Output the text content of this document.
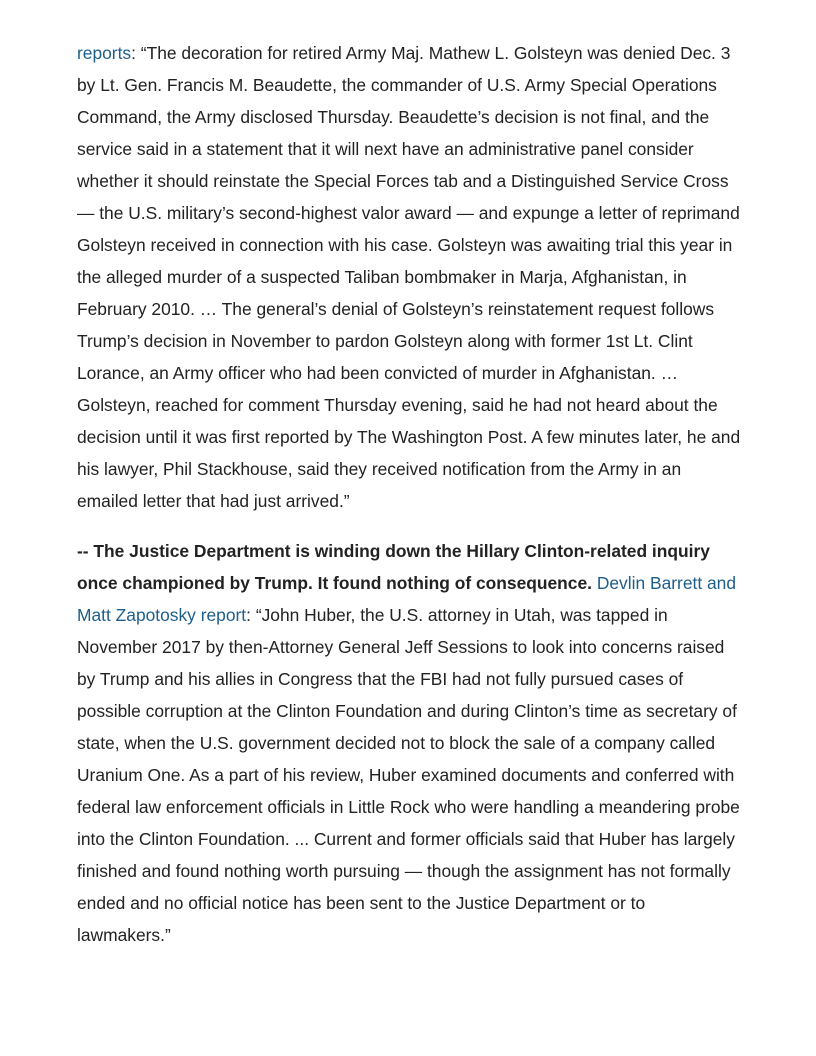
reports: “The decoration for retired Army Maj. Mathew L. Golsteyn was denied Dec. 3 by Lt. Gen. Francis M. Beaudette, the commander of U.S. Army Special Operations Command, the Army disclosed Thursday. Beaudette’s decision is not final, and the service said in a statement that it will next have an administrative panel consider whether it should reinstate the Special Forces tab and a Distinguished Service Cross — the U.S. military’s second-highest valor award — and expunge a letter of reprimand Golsteyn received in connection with his case. Golsteyn was awaiting trial this year in the alleged murder of a suspected Taliban bombmaker in Marja, Afghanistan, in February 2010. … The general’s denial of Golsteyn’s reinstatement request follows Trump’s decision in November to pardon Golsteyn along with former 1st Lt. Clint Lorance, an Army officer who had been convicted of murder in Afghanistan. … Golsteyn, reached for comment Thursday evening, said he had not heard about the decision until it was first reported by The Washington Post. A few minutes later, he and his lawyer, Phil Stackhouse, said they received notification from the Army in an emailed letter that had just arrived.”

-- The Justice Department is winding down the Hillary Clinton-related inquiry once championed by Trump. It found nothing of consequence. Devlin Barrett and Matt Zapotosky report: “John Huber, the U.S. attorney in Utah, was tapped in November 2017 by then-Attorney General Jeff Sessions to look into concerns raised by Trump and his allies in Congress that the FBI had not fully pursued cases of possible corruption at the Clinton Foundation and during Clinton’s time as secretary of state, when the U.S. government decided not to block the sale of a company called Uranium One. As a part of his review, Huber examined documents and conferred with federal law enforcement officials in Little Rock who were handling a meandering probe into the Clinton Foundation. ... Current and former officials said that Huber has largely finished and found nothing worth pursuing — though the assignment has not formally ended and no official notice has been sent to the Justice Department or to lawmakers.”
